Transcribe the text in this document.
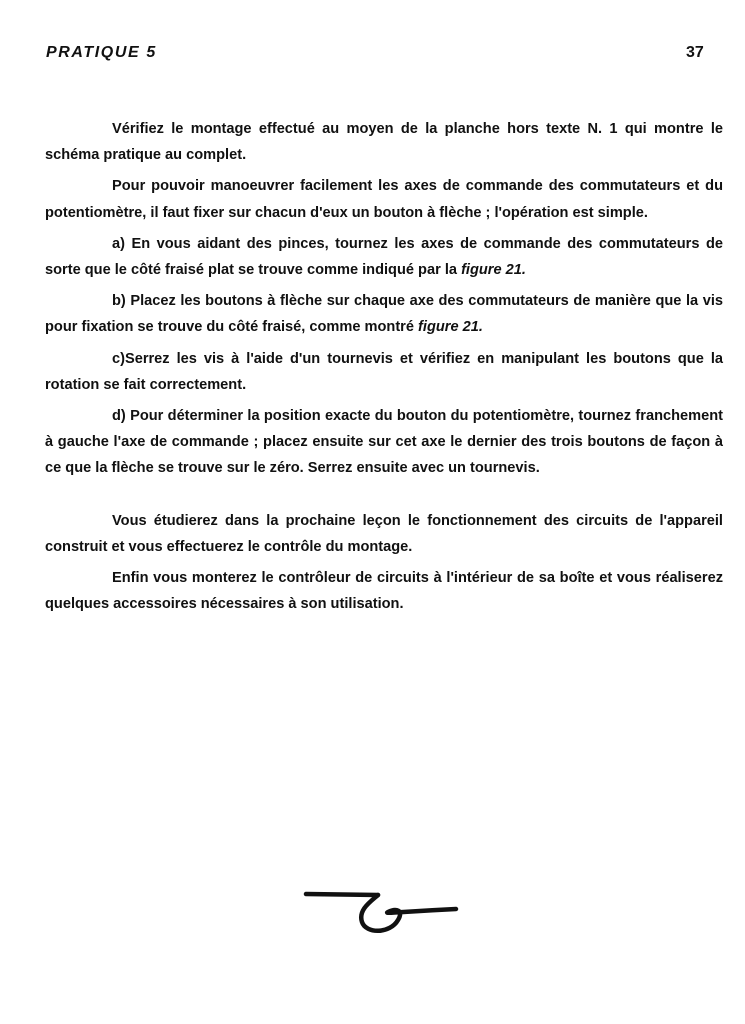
PRATIQUE 5	37

Vérifiez le montage effectué au moyen de la planche hors texte N. 1 qui montre le schéma pratique au complet.

Pour pouvoir manoeuvrer facilement les axes de commande des commutateurs et du potentiomètre, il faut fixer sur chacun d'eux un bouton à flèche ; l'opération est simple.

a) En vous aidant des pinces, tournez les axes de commande des commutateurs de sorte que le côté fraisé plat se trouve comme indiqué par la figure 21.

b) Placez les boutons à flèche sur chaque axe des commutateurs de manière que la vis pour fixation se trouve du côté fraisé, comme montré figure 21.

c)Serrez les vis à l'aide d'un tournevis et vérifiez en manipulant les boutons que la rotation se fait correctement.

d) Pour déterminer la position exacte du bouton du potentiomètre, tournez franchement à gauche l'axe de commande ; placez ensuite sur cet axe le dernier des trois boutons de façon à ce que la flèche se trouve sur le zéro. Serrez ensuite avec un tournevis.

Vous étudierez dans la prochaine leçon le fonctionnement des circuits de l'appareil construit et vous effectuerez le contrôle du montage.

Enfin vous monterez le contrôleur de circuits à l'intérieur de sa boîte et vous réaliserez quelques accessoires nécessaires à son utilisation.
